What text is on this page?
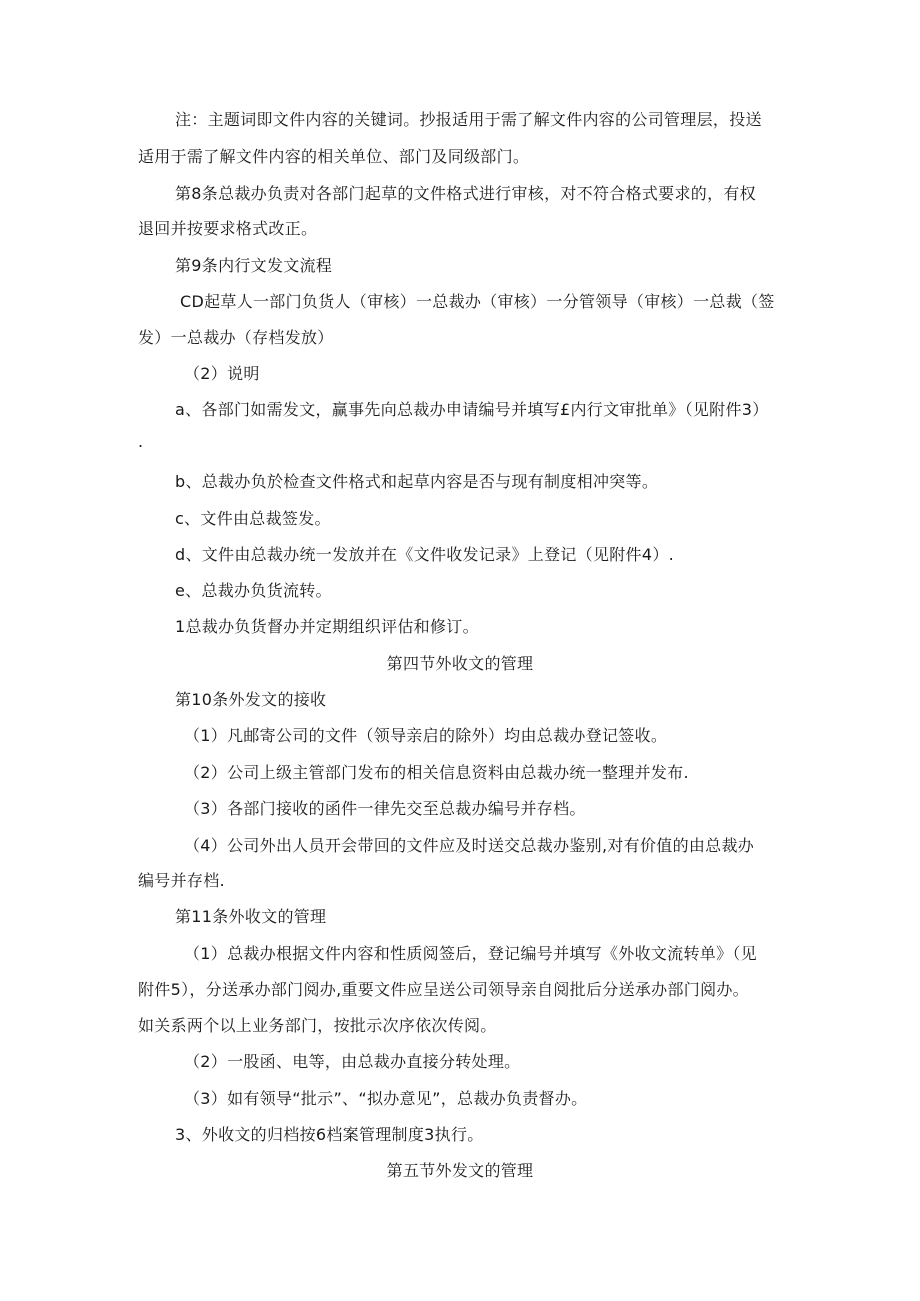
注：主题词即文件内容的关键词。抄报适用于需了解文件内容的公司管理层，投送
适用于需了解文件内容的相关单位、部门及同级部门。
第8条总裁办负责对各部门起草的文件格式进行审核，对不符合格式要求的，有权
退回并按要求格式改正。
第9条内行文发文流程
CD起草人一部门负货人（审核）一总裁办（审核）一分管领导（审核）一总裁（签
发）一总裁办（存档发放）
（2）说明
a、各部门如需发文，赢事先向总裁办申请编号并填写£内行文审批单》（见附件3）
.
b、总裁办负於检查文件格式和起草内容是否与现有制度相冲突等。
c、文件由总裁签发。
d、文件由总裁办统一发放并在《文件收发记录》上登记（见附件4）.
e、总裁办负货流转。
1总裁办负货督办并定期组织评估和修订。
第四节外收文的管理
第10条外发文的接收
（1）凡邮寄公司的文件（领导亲启的除外）均由总裁办登记签收。
（2）公司上级主管部门发布的相关信息资料由总裁办统一整理并发布.
（3）各部门接收的函件一律先交至总裁办编号并存档。
（4）公司外出人员开会带回的文件应及时送交总裁办鉴别,对有价值的由总裁办
编号并存档.
第11条外收文的管理
（1）总裁办根据文件内容和性质阅签后，登记编号并填写《外收文流转单》（见
附件5），分送承办部门阅办,重要文件应呈送公司领导亲自阅批后分送承办部门阅办。
如关系两个以上业务部门，按批示次序依次传阅。
（2）一股函、电等，由总裁办直接分转处理。
（3）如有领导“批示”、“拟办意见”，总裁办负责督办。
3、外收文的归档按6档案管理制度3执行。
第五节外发文的管理
